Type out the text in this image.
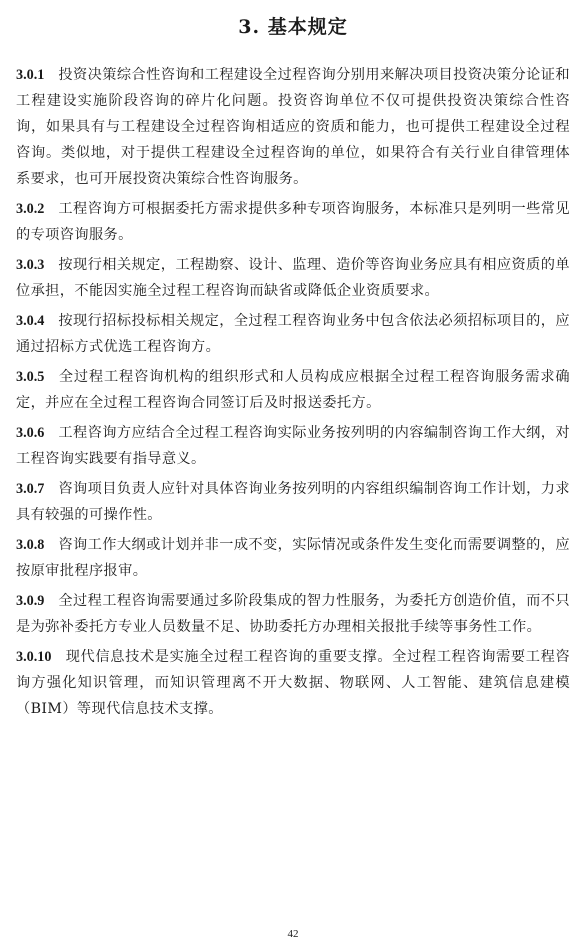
3. 基本规定

3.0.1 投资决策综合性咨询和工程建设全过程咨询分别用来解决项目投资决策分论证和工程建设实施阶段咨询的碎片化问题。投资咨询单位不仅可提供投资决策综合性咨询，如果具有与工程建设全过程咨询相适应的资质和能力，也可提供工程建设全过程咨询。类似地，对于提供工程建设全过程咨询的单位，如果符合有关行业自律管理体系要求，也可开展投资决策综合性咨询服务。

3.0.2 工程咨询方可根据委托方需求提供多种专项咨询服务，本标准只是列明一些常见的专项咨询服务。

3.0.3 按现行相关规定，工程勘察、设计、监理、造价等咨询业务应具有相应资质的单位承担，不能因实施全过程工程咨询而缺省或降低企业资质要求。

3.0.4 按现行招标投标相关规定，全过程工程咨询业务中包含依法必须招标项目的，应通过招标方式优选工程咨询方。

3.0.5 全过程工程咨询机构的组织形式和人员构成应根据全过程工程咨询服务需求确定，并应在全过程工程咨询合同签订后及时报送委托方。

3.0.6 工程咨询方应结合全过程工程咨询实际业务按列明的内容编制咨询工作大纲，对工程咨询实践要有指导意义。

3.0.7 咨询项目负责人应针对具体咨询业务按列明的内容组织编制咨询工作计划，力求具有较强的可操作性。

3.0.8 咨询工作大纲或计划并非一成不变，实际情况或条件发生变化而需要调整的，应按原审批程序报审。

3.0.9 全过程工程咨询需要通过多阶段集成的智力性服务，为委托方创造价值，而不只是为弥补委托方专业人员数量不足、协助委托方办理相关报批手续等事务性工作。

3.0.10 现代信息技术是实施全过程工程咨询的重要支撑。全过程工程咨询需要工程咨询方强化知识管理，而知识管理离不开大数据、物联网、人工智能、建筑信息建模（BIM）等现代信息技术支撑。

42
